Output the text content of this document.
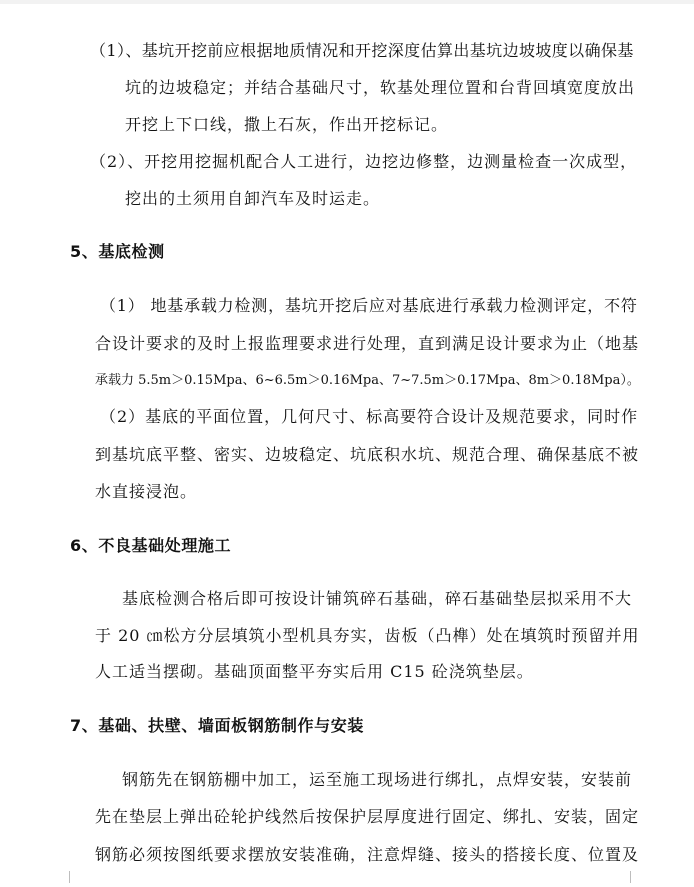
（1）、基坑开挖前应根据地质情况和开挖深度估算出基坑边坡坡度以确保基
坑的边坡稳定；并结合基础尺寸，软基处理位置和台背回填宽度放出
开挖上下口线，撒上石灰，作出开挖标记。
（2）、开挖用挖掘机配合人工进行，边挖边修整，边测量检查一次成型，
挖出的土须用自卸汽车及时运走。
5、基底检测
（1） 地基承载力检测，基坑开挖后应对基底进行承载力检测评定，不符
合设计要求的及时上报监理要求进行处理，直到满足设计要求为止（地基
承载力 5.5m＞0.15Mpa、6~6.5m＞0.16Mpa、7~7.5m＞0.17Mpa、8m＞0.18Mpa）。
（2）基底的平面位置，几何尺寸、标高要符合设计及规范要求，同时作
到基坑底平整、密实、边坡稳定、坑底积水坑、规范合理、确保基底不被
水直接浸泡。
6、不良基础处理施工
基底检测合格后即可按设计铺筑碎石基础，碎石基础垫层拟采用不大
于 20 ㎝松方分层填筑小型机具夯实，齿板（凸榫）处在填筑时预留并用
人工适当摆砌。基础顶面整平夯实后用 C15 砼浇筑垫层。
7、基础、扶壁、墙面板钢筋制作与安装
钢筋先在钢筋棚中加工，运至施工现场进行绑扎，点焊安装，安装前
先在垫层上弹出砼轮护线然后按保护层厚度进行固定、绑扎、安装，固定
钢筋必须按图纸要求摆放安装准确，注意焊缝、接头的搭接长度、位置及
